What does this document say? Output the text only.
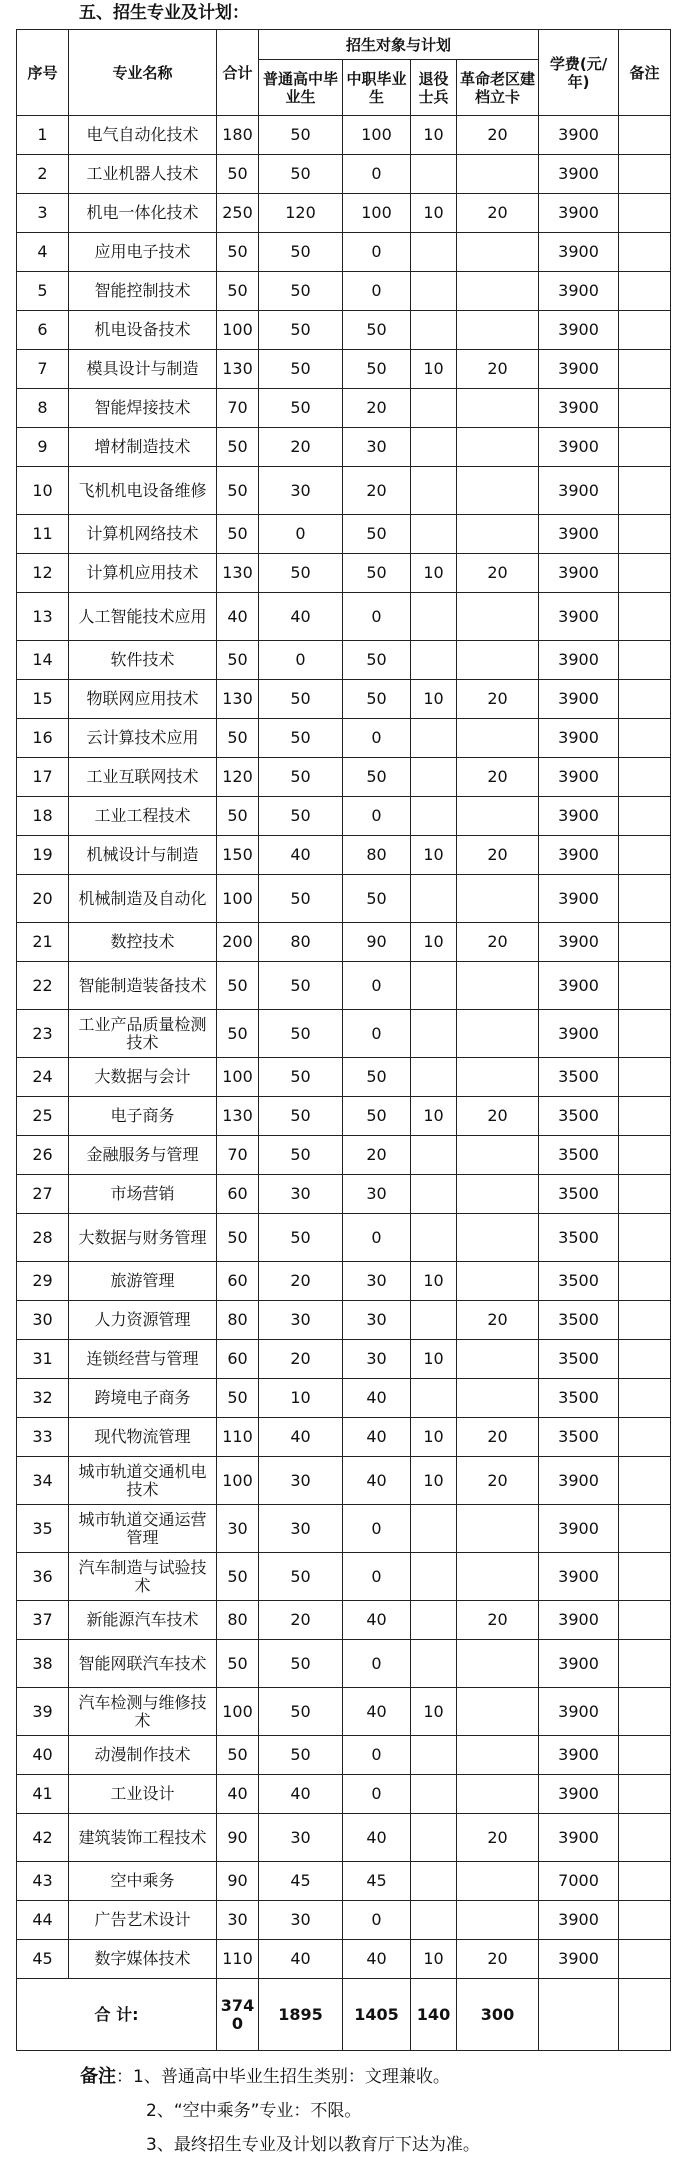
五、招生专业及计划：
序号	专业名称	合计	招生对象与计划				学费(元/年)	备注
			普通高中毕业生	中职毕业生	退役士兵	革命老区建档立卡		
1	电气自动化技术	180	50	100	10	20	3900	
2	工业机器人技术	50	50	0			3900	
3	机电一体化技术	250	120	100	10	20	3900	
4	应用电子技术	50	50	0			3900	
5	智能控制技术	50	50	0			3900	
6	机电设备技术	100	50	50			3900	
7	模具设计与制造	130	50	50	10	20	3900	
8	智能焊接技术	70	50	20			3900	
9	增材制造技术	50	20	30			3900	
10	飞机机电设备维修	50	30	20			3900	
11	计算机网络技术	50	0	50			3900	
12	计算机应用技术	130	50	50	10	20	3900	
13	人工智能技术应用	40	40	0			3900	
14	软件技术	50	0	50			3900	
15	物联网应用技术	130	50	50	10	20	3900	
16	云计算技术应用	50	50	0			3900	
17	工业互联网技术	120	50	50		20	3900	
18	工业工程技术	50	50	0			3900	
19	机械设计与制造	150	40	80	10	20	3900	
20	机械制造及自动化	100	50	50			3900	
21	数控技术	200	80	90	10	20	3900	
22	智能制造装备技术	50	50	0			3900	
23	工业产品质量检测技术	50	50	0			3900	
24	大数据与会计	100	50	50			3500	
25	电子商务	130	50	50	10	20	3500	
26	金融服务与管理	70	50	20			3500	
27	市场营销	60	30	30			3500	
28	大数据与财务管理	50	50	0			3500	
29	旅游管理	60	20	30	10		3500	
30	人力资源管理	80	30	30		20	3500	
31	连锁经营与管理	60	20	30	10		3500	
32	跨境电子商务	50	10	40			3500	
33	现代物流管理	110	40	40	10	20	3500	
34	城市轨道交通机电技术	100	30	40	10	20	3900	
35	城市轨道交通运营管理	30	30	0			3900	
36	汽车制造与试验技术	50	50	0			3900	
37	新能源汽车技术	80	20	40		20	3900	
38	智能网联汽车技术	50	50	0			3900	
39	汽车检测与维修技术	100	50	40	10		3900	
40	动漫制作技术	50	50	0			3900	
41	工业设计	40	40	0			3900	
42	建筑装饰工程技术	90	30	40		20	3900	
43	空中乘务	90	45	45			7000	
44	广告艺术设计	30	30	0			3900	
45	数字媒体技术	110	40	40	10	20	3900	
合 计:		3740	1895	1405	140	300		
备注：1、普通高中毕业生招生类别：文理兼收。
2、“空中乘务”专业：不限。
3、最终招生专业及计划以教育厅下达为准。
